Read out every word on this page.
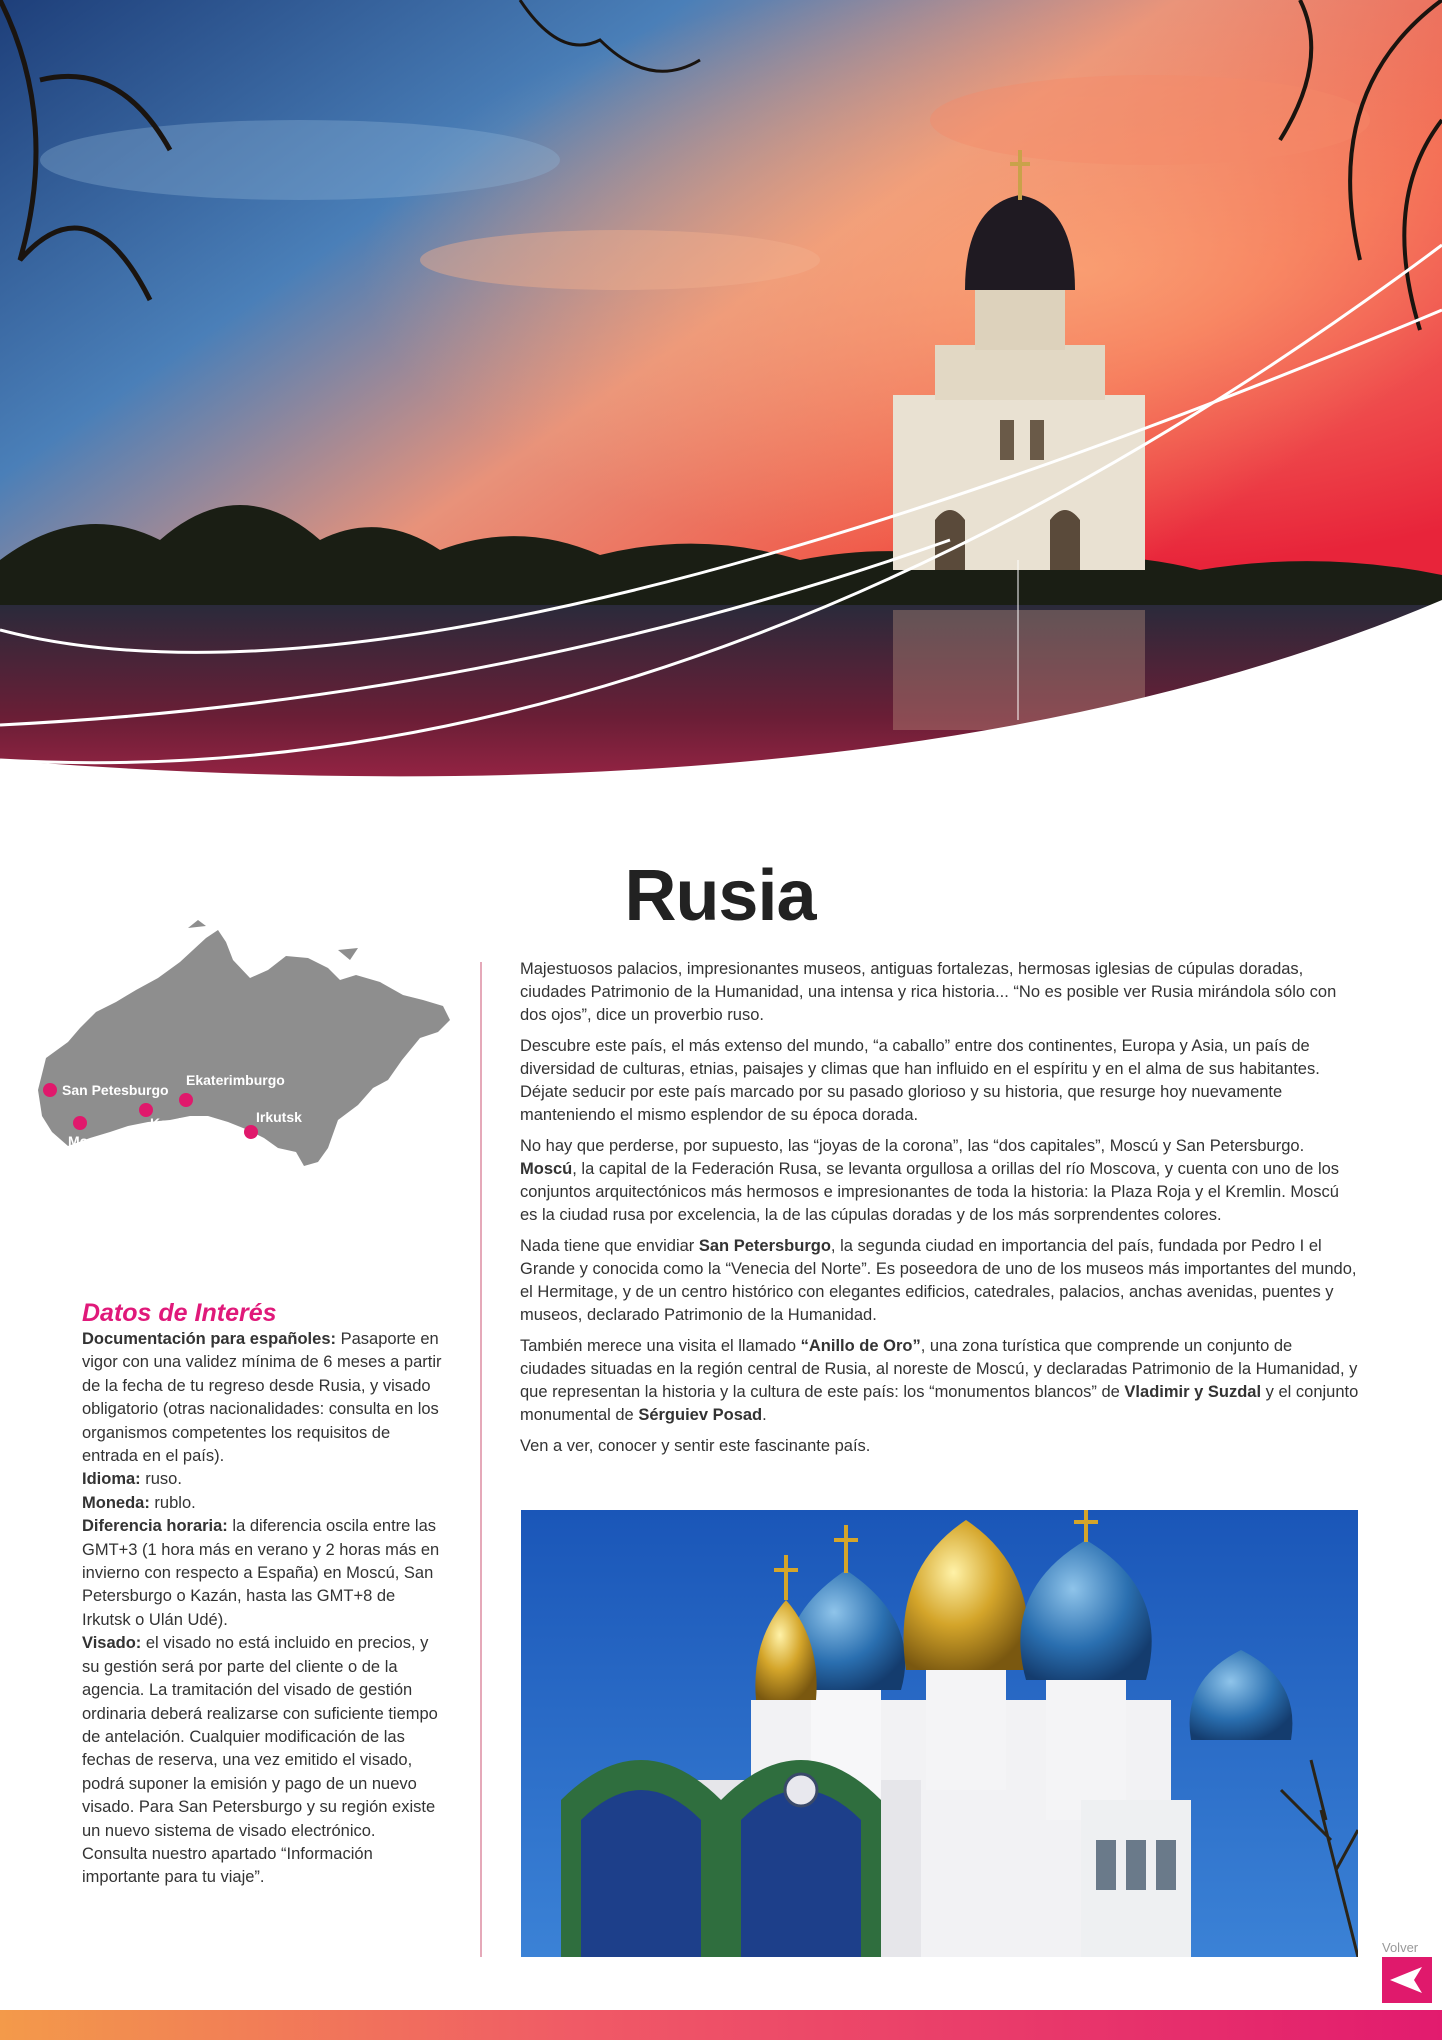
Rusia
San Petesburgo
Moscú
Kazán
Ekaterimburgo
Irkutsk

Majestuosos palacios, impresionantes museos, antiguas fortalezas, hermosas iglesias de cúpulas doradas, ciudades Patrimonio de la Humanidad, una intensa y rica historia... “No es posible ver Rusia mirándola sólo con dos ojos”, dice un proverbio ruso.

Descubre este país, el más extenso del mundo, “a caballo” entre dos continentes, Europa y Asia, un país de diversidad de culturas, etnias, paisajes y climas que han influido en el espíritu y en el alma de sus habitantes. Déjate seducir por este país marcado por su pasado glorioso y su historia, que resurge hoy nuevamente manteniendo el mismo esplendor de su época dorada.

No hay que perderse, por supuesto, las “joyas de la corona”, las “dos capitales”, Moscú y San Petersburgo. Moscú, la capital de la Federación Rusa, se levanta orgullosa a orillas del río Moscova, y cuenta con uno de los conjuntos arquitectónicos más hermosos e impresionantes de toda la historia: la Plaza Roja y el Kremlin. Moscú es la ciudad rusa por excelencia, la de las cúpulas doradas y de los más sorprendentes colores.

Nada tiene que envidiar San Petersburgo, la segunda ciudad en importancia del país, fundada por Pedro I el Grande y conocida como la “Venecia del Norte”. Es poseedora de uno de los museos más importantes del mundo, el Hermitage, y de un centro histórico con elegantes edificios, catedrales, palacios, anchas avenidas, puentes y museos, declarado Patrimonio de la Humanidad.

También merece una visita el llamado “Anillo de Oro”, una zona turística que comprende un conjunto de ciudades situadas en la región central de Rusia, al noreste de Moscú, y declaradas Patrimonio de la Humanidad, y que representan la historia y la cultura de este país: los “monumentos blancos” de Vladimir y Suzdal y el conjunto monumental de Sérguiev Posad.

Ven a ver, conocer y sentir este fascinante país.

Datos de Interés

Documentación para españoles: Pasaporte en vigor con una validez mínima de 6 meses a partir de la fecha de tu regreso desde Rusia, y visado obligatorio (otras nacionalidades: consulta en los organismos competentes los requisitos de entrada en el país).

Idioma: ruso.

Moneda: rublo.

Diferencia horaria: la diferencia oscila entre las GMT+3 (1 hora más en verano y 2 horas más en invierno con respecto a España) en Moscú, San Petersburgo o Kazán, hasta las GMT+8 de Irkutsk o Ulán Udé).

Visado: el visado no está incluido en precios, y su gestión será por parte del cliente o de la agencia. La tramitación del visado de gestión ordinaria deberá realizarse con suficiente tiempo de antelación. Cualquier modificación de las fechas de reserva, una vez emitido el visado, podrá suponer la emisión y pago de un nuevo visado. Para San Petersburgo y su región existe un nuevo sistema de visado electrónico.

Consulta nuestro apartado “Información importante para tu viaje”.

Volver
